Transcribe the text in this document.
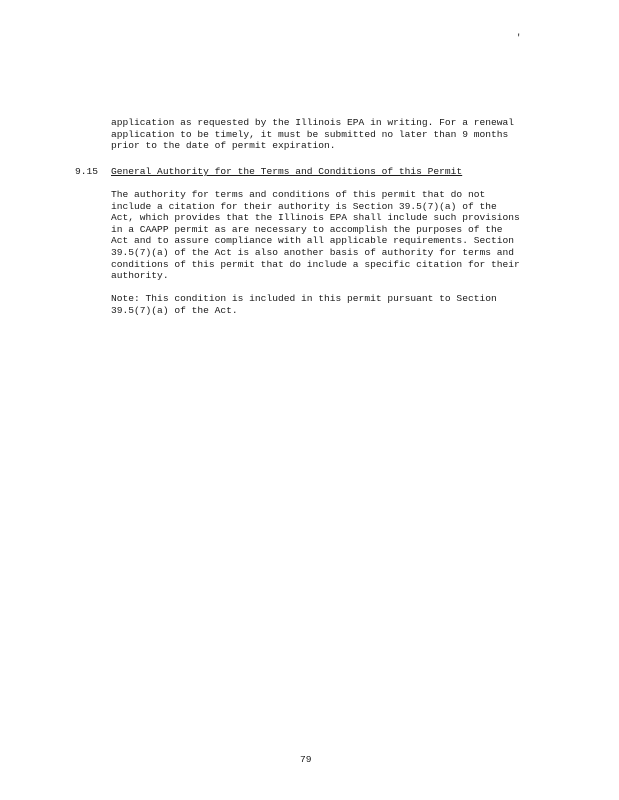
'

application as requested by the Illinois EPA in writing. For a renewal
application to be timely, it must be submitted no later than 9 months
prior to the date of permit expiration.

9.15 General Authority for the Terms and Conditions of this Permit

The authority for terms and conditions of this permit that do not
include a citation for their authority is Section 39.5(7)(a) of the
Act, which provides that the Illinois EPA shall include such provisions
in a CAAPP permit as are necessary to accomplish the purposes of the
Act and to assure compliance with all applicable requirements. Section
39.5(7)(a) of the Act is also another basis of authority for terms and
conditions of this permit that do include a specific citation for their
authority.

Note: This condition is included in this permit pursuant to Section
39.5(7)(a) of the Act.

79
